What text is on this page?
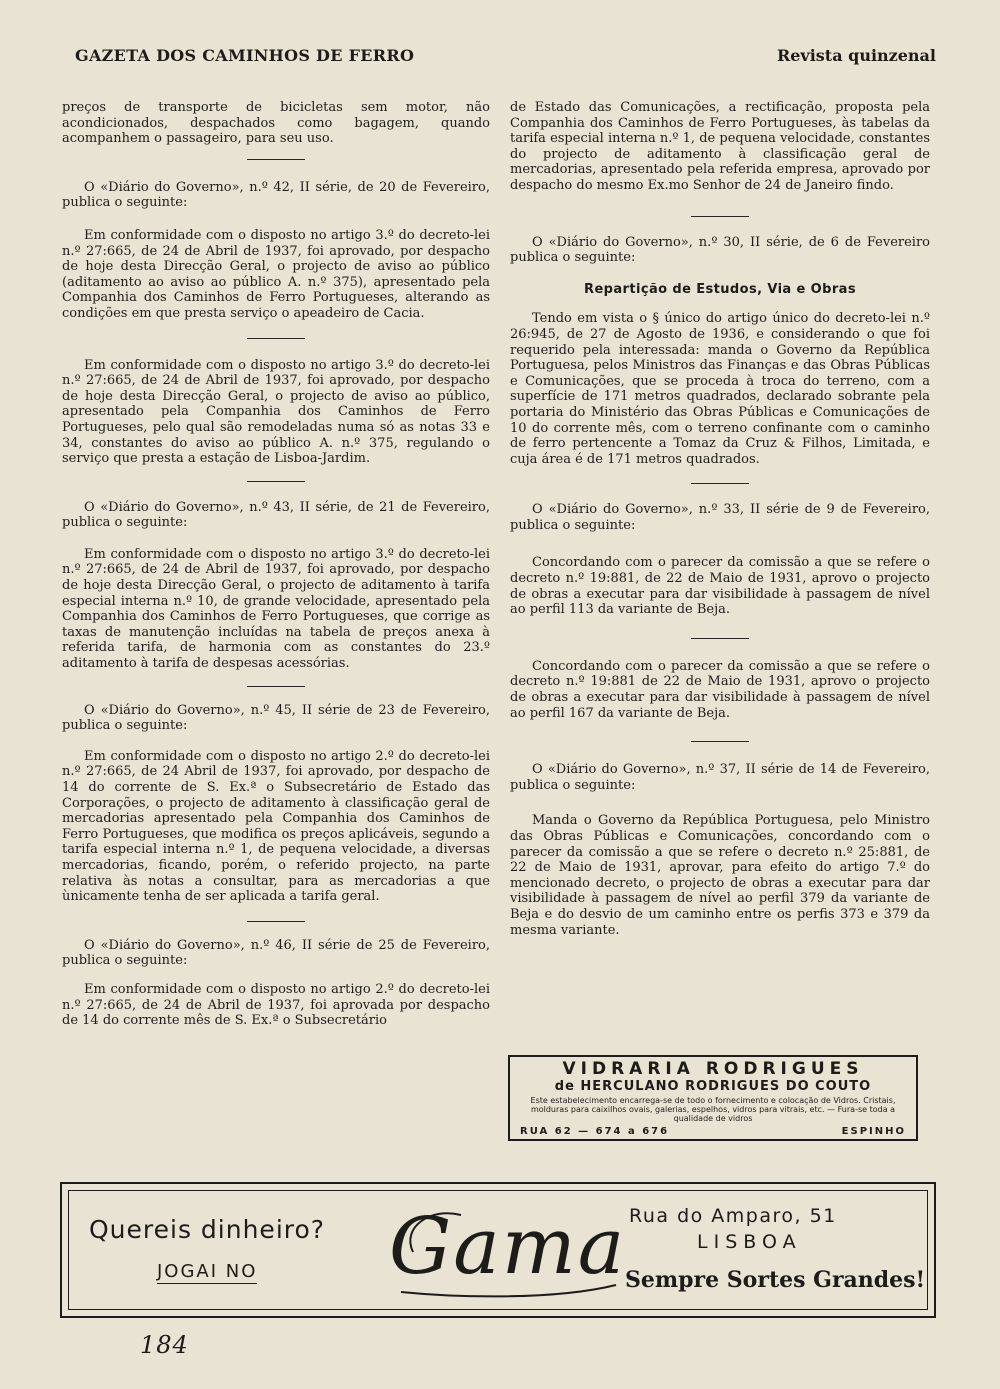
GAZETA DOS CAMINHOS DE FERRO	Revista quinzenal

preços de transporte de bicicletas sem motor, não acondicionados, despachados como bagagem, quando acompanhem o passageiro, para seu uso.

O «Diário do Governo», n.º 42, II série, de 20 de Fevereiro, publica o seguinte:

Em conformidade com o disposto no artigo 3.º do decreto-lei n.º 27:665, de 24 de Abril de 1937, foi aprovado, por despacho de hoje desta Direcção Geral, o projecto de aviso ao público (aditamento ao aviso ao público A. n.º 375), apresentado pela Companhia dos Caminhos de Ferro Portugueses, alterando as condições em que presta serviço o apeadeiro de Cacia.

Em conformidade com o disposto no artigo 3.º do decreto-lei n.º 27:665, de 24 de Abril de 1937, foi aprovado, por despacho de hoje desta Direcção Geral, o projecto de aviso ao público, apresentado pela Companhia dos Caminhos de Ferro Portugueses, pelo qual são remodeladas numa só as notas 33 e 34, constantes do aviso ao público A. n.º 375, regulando o serviço que presta a estação de Lisboa-Jardim.

O «Diário do Governo», n.º 43, II série, de 21 de Fevereiro, publica o seguinte:

Em conformidade com o disposto no artigo 3.º do decreto-lei n.º 27:665, de 24 de Abril de 1937, foi aprovado, por despacho de hoje desta Direcção Geral, o projecto de aditamento à tarifa especial interna n.º 10, de grande velocidade, apresentado pela Companhia dos Caminhos de Ferro Portugueses, que corrige as taxas de manutenção incluídas na tabela de preços anexa à referida tarifa, de harmonia com as constantes do 23.º aditamento à tarifa de despesas acessórias.

O «Diário do Governo», n.º 45, II série de 23 de Fevereiro, publica o seguinte:

Em conformidade com o disposto no artigo 2.º do decreto-lei n.º 27:665, de 24 Abril de 1937, foi aprovado, por despacho de 14 do corrente de S. Ex.ª o Subsecretário de Estado das Corporações, o projecto de aditamento à classificação geral de mercadorias apresentado pela Companhia dos Caminhos de Ferro Portugueses, que modifica os preços aplicáveis, segundo a tarifa especial interna n.º 1, de pequena velocidade, a diversas mercadorias, ficando, porém, o referido projecto, na parte relativa às notas a consultar, para as mercadorias a que ùnicamente tenha de ser aplicada a tarifa geral.

O «Diário do Governo», n.º 46, II série de 25 de Fevereiro, publica o seguinte:

Em conformidade com o disposto no artigo 2.º do decreto-lei n.º 27:665, de 24 de Abril de 1937, foi aprovada por despacho de 14 do corrente mês de S. Ex.ª o Subsecretário

de Estado das Comunicações, a rectificação, proposta pela Companhia dos Caminhos de Ferro Portugueses, às tabelas da tarifa especial interna n.º 1, de pequena velocidade, constantes do projecto de aditamento à classificação geral de mercadorias, apresentado pela referida empresa, aprovado por despacho do mesmo Ex.mo Senhor de 24 de Janeiro findo.

O «Diário do Governo», n.º 30, II série, de 6 de Fevereiro publica o seguinte:

Repartição de Estudos, Via e Obras

Tendo em vista o § único do artigo único do decreto-lei n.º 26:945, de 27 de Agosto de 1936, e considerando o que foi requerido pela interessada: manda o Governo da República Portuguesa, pelos Ministros das Finanças e das Obras Públicas e Comunicações, que se proceda à troca do terreno, com a superfície de 171 metros quadrados, declarado sobrante pela portaria do Ministério das Obras Públicas e Comunicações de 10 do corrente mês, com o terreno confinante com o caminho de ferro pertencente a Tomaz da Cruz & Filhos, Limitada, e cuja área é de 171 metros quadrados.

O «Diário do Governo», n.º 33, II série de 9 de Fevereiro, publica o seguinte:

Concordando com o parecer da comissão a que se refere o decreto n.º 19:881, de 22 de Maio de 1931, aprovo o projecto de obras a executar para dar visibilidade à passagem de nível ao perfil 113 da variante de Beja.

Concordando com o parecer da comissão a que se refere o decreto n.º 19:881 de 22 de Maio de 1931, aprovo o projecto de obras a executar para dar visibilidade à passagem de nível ao perfil 167 da variante de Beja.

O «Diário do Governo», n.º 37, II série de 14 de Fevereiro, publica o seguinte:

Manda o Governo da República Portuguesa, pelo Ministro das Obras Públicas e Comunicações, concordando com o parecer da comissão a que se refere o decreto n.º 25:881, de 22 de Maio de 1931, aprovar, para efeito do artigo 7.º do mencionado decreto, o projecto de obras a executar para dar visibilidade à passagem de nível ao perfil 379 da variante de Beja e do desvio de um caminho entre os perfis 373 e 379 da mesma variante.

VIDRARIA RODRIGUES
de HERCULANO RODRIGUES DO COUTO
Este estabelecimento encarrega-se de todo o fornecimento e colocação de Vidros. Cristais, molduras para caixilhos ovais, galerias, espelhos, vidros para vitrais, etc. — Fura-se toda a qualidade de vidros
RUA 62 — 674 a 676	ESPINHO
Quereis dinheiro?
JOGAI NO Gama Rua do Amparo, 51
LISBOA
Sempre Sortes Grandes!
184
